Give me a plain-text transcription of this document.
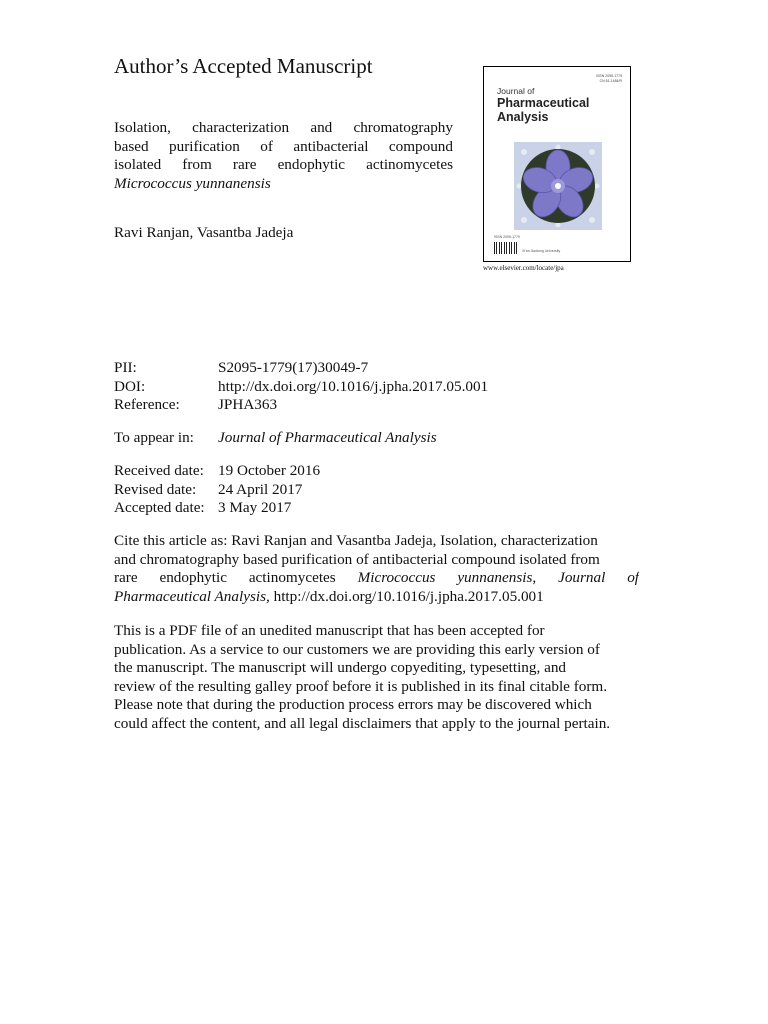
Author’s Accepted Manuscript
Isolation, characterization and chromatography
based purification of antibacterial compound
isolated from rare endophytic actinomycetes
Micrococcus yunnanensis
Ravi Ranjan, Vasantba Jadeja
ISSN 2095-1779
CN 61-1484/R
Journal of
Pharmaceutical
Analysis
ISSN 2095-1779
Xi'an Jiaotong University
www.elsevier.com/locate/jpa
PII:	S2095-1779(17)30049-7
DOI:	http://dx.doi.org/10.1016/j.jpha.2017.05.001
Reference:	JPHA363
To appear in: Journal of Pharmaceutical Analysis
Received date: 19 October 2016
Revised date: 24 April 2017
Accepted date: 3 May 2017
Cite this article as: Ravi Ranjan and Vasantba Jadeja, Isolation, characterization
and chromatography based purification of antibacterial compound isolated from
rare endophytic actinomycetes Micrococcus yunnanensis, Journal of
Pharmaceutical Analysis, http://dx.doi.org/10.1016/j.jpha.2017.05.001
This is a PDF file of an unedited manuscript that has been accepted for
publication. As a service to our customers we are providing this early version of
the manuscript. The manuscript will undergo copyediting, typesetting, and
review of the resulting galley proof before it is published in its final citable form.
Please note that during the production process errors may be discovered which
could affect the content, and all legal disclaimers that apply to the journal pertain.
